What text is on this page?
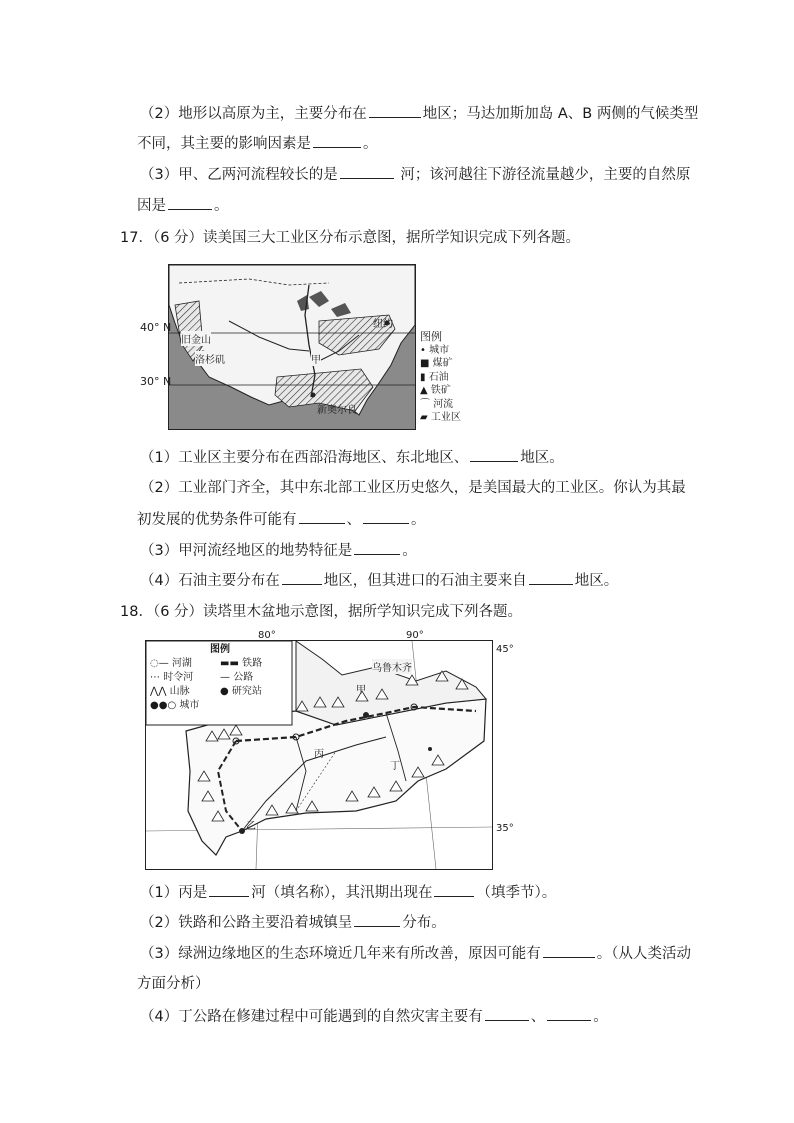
（2）地形以高原为主，主要分布在	地区；马达加斯加岛 A、B 两侧的气候类型
不同，其主要的影响因素是	。
（3）甲、乙两河流程较长的是	河；该河越往下游径流量越少，主要的自然原
因是	。
17．（6 分）读美国三大工业区分布示意图，据所学知识完成下列各题。
旧金山
洛杉矶
纽约
新奥尔良
甲
40° N
30° N
图例
• 城市
■ 煤矿
▮ 石油
▲ 铁矿
⌒ 河流
▰ 工业区
（1）工业区主要分布在西部沿海地区、东北地区、	地区。
（2）工业部门齐全，其中东北部工业区历史悠久，是美国最大的工业区。你认为其最
初发展的优势条件可能有	、	。
（3）甲河流经地区的地势特征是	。
（4）石油主要分布在	地区，但其进口的石油主要来自	地区。
18．（6 分）读塔里木盆地示意图，据所学知识完成下列各题。
图例
◌— 河湖	▬▬ 铁路
⋯ 时令河	— 公路
⋀⋀ 山脉	● 研究站
●●○ 城市
乌鲁木齐
甲
丙
丁
乙
80°	90°
45°
35°
（1）丙是	河（填名称），其汛期出现在	（填季节）。
（2）铁路和公路主要沿着城镇呈	分布。
（3）绿洲边缘地区的生态环境近几年来有所改善，原因可能有	。（从人类活动
方面分析）
（4）丁公路在修建过程中可能遇到的自然灾害主要有	、	。
